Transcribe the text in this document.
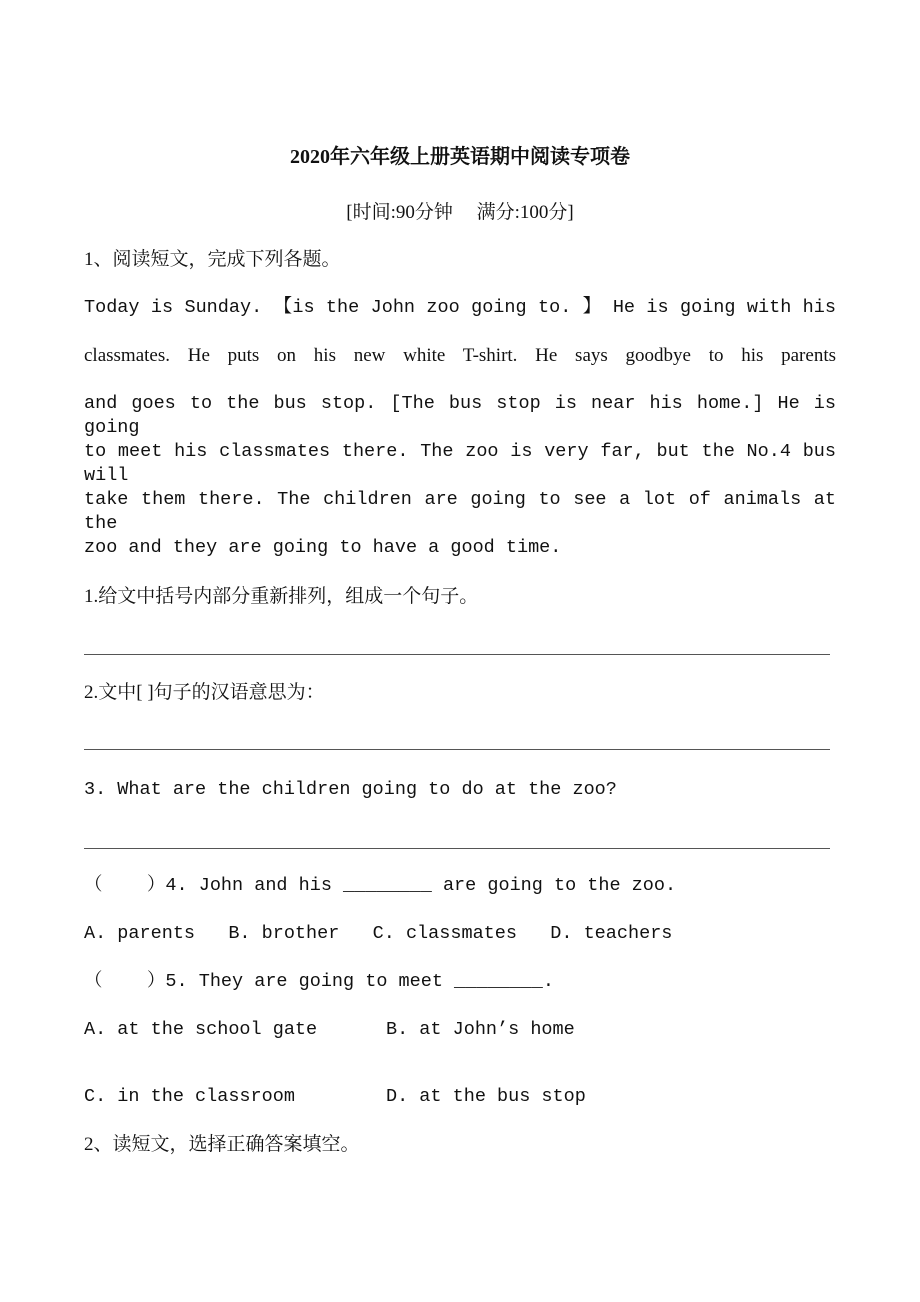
2020年六年级上册英语期中阅读专项卷
[时间:90分钟     满分:100分]
1、阅读短文，完成下列各题。
Today is Sunday. 【is the John zoo going to. 】 He is going with his
classmates. He puts on his new white T-shirt. He says goodbye to his parents
and goes to the bus stop. [The bus stop is near his home.] He is going
to meet his classmates there. The zoo is very far, but the No.4 bus will
take them there. The children are going to see a lot of animals at the
zoo and they are going to have a good time.
1.给文中括号内部分重新排列，组成一个句子。
2.文中[ ]句子的汉语意思为：
3. What are the children going to do at the zoo?
（    ）4. John and his ________ are going to the zoo.
A. parents   B. brother   C. classmates   D. teachers
（    ）5. They are going to meet ________.
A. at the school gate	B. at John’s home
C. in the classroom	D. at the bus stop
2、读短文，选择正确答案填空。
